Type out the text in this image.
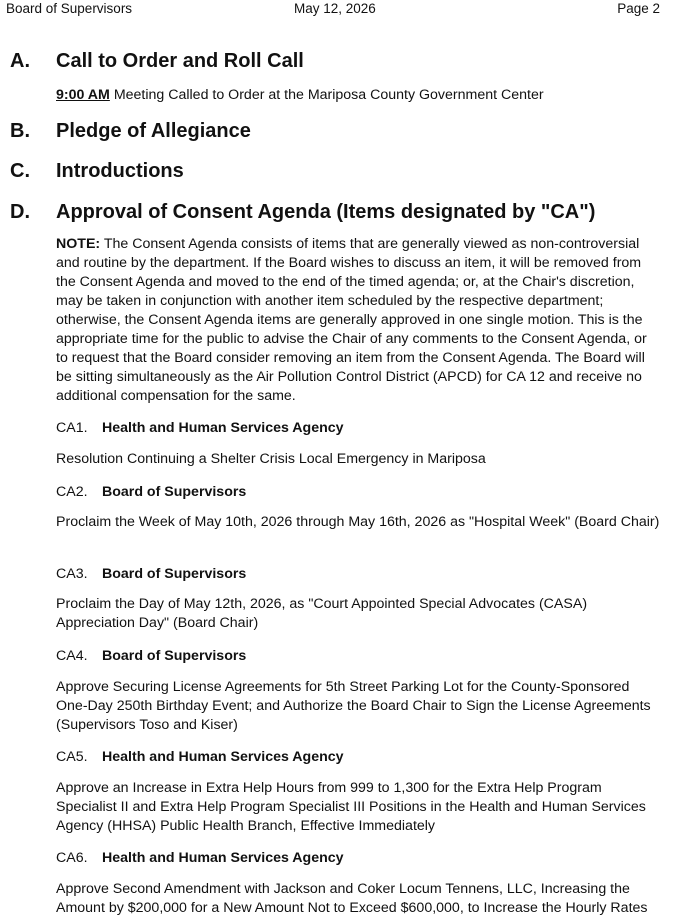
Board of Supervisors	May 12, 2026	Page 2
A.	Call to Order and Roll Call
9:00 AM Meeting Called to Order at the Mariposa County Government Center
B.	Pledge of Allegiance
C.	Introductions
D.	Approval of Consent Agenda (Items designated by "CA")
NOTE: The Consent Agenda consists of items that are generally viewed as non-controversial and routine by the department. If the Board wishes to discuss an item, it will be removed from the Consent Agenda and moved to the end of the timed agenda; or, at the Chair's discretion, may be taken in conjunction with another item scheduled by the respective department; otherwise, the Consent Agenda items are generally approved in one single motion. This is the appropriate time for the public to advise the Chair of any comments to the Consent Agenda, or to request that the Board consider removing an item from the Consent Agenda. The Board will be sitting simultaneously as the Air Pollution Control District (APCD) for CA 12 and receive no additional compensation for the same.
CA1. Health and Human Services Agency
Resolution Continuing a Shelter Crisis Local Emergency in Mariposa
CA2. Board of Supervisors
Proclaim the Week of May 10th, 2026 through May 16th, 2026 as "Hospital Week" (Board Chair)
CA3. Board of Supervisors
Proclaim the Day of May 12th, 2026, as "Court Appointed Special Advocates (CASA) Appreciation Day" (Board Chair)
CA4. Board of Supervisors
Approve Securing License Agreements for 5th Street Parking Lot for the County-Sponsored One-Day 250th Birthday Event; and Authorize the Board Chair to Sign the License Agreements (Supervisors Toso and Kiser)
CA5. Health and Human Services Agency
Approve an Increase in Extra Help Hours from 999 to 1,300 for the Extra Help Program Specialist II and Extra Help Program Specialist III Positions in the Health and Human Services Agency (HHSA) Public Health Branch, Effective Immediately
CA6. Health and Human Services Agency
Approve Second Amendment with Jackson and Coker Locum Tennens, LLC, Increasing the Amount by $200,000 for a New Amount Not to Exceed $600,000, to Increase the Hourly Rates
